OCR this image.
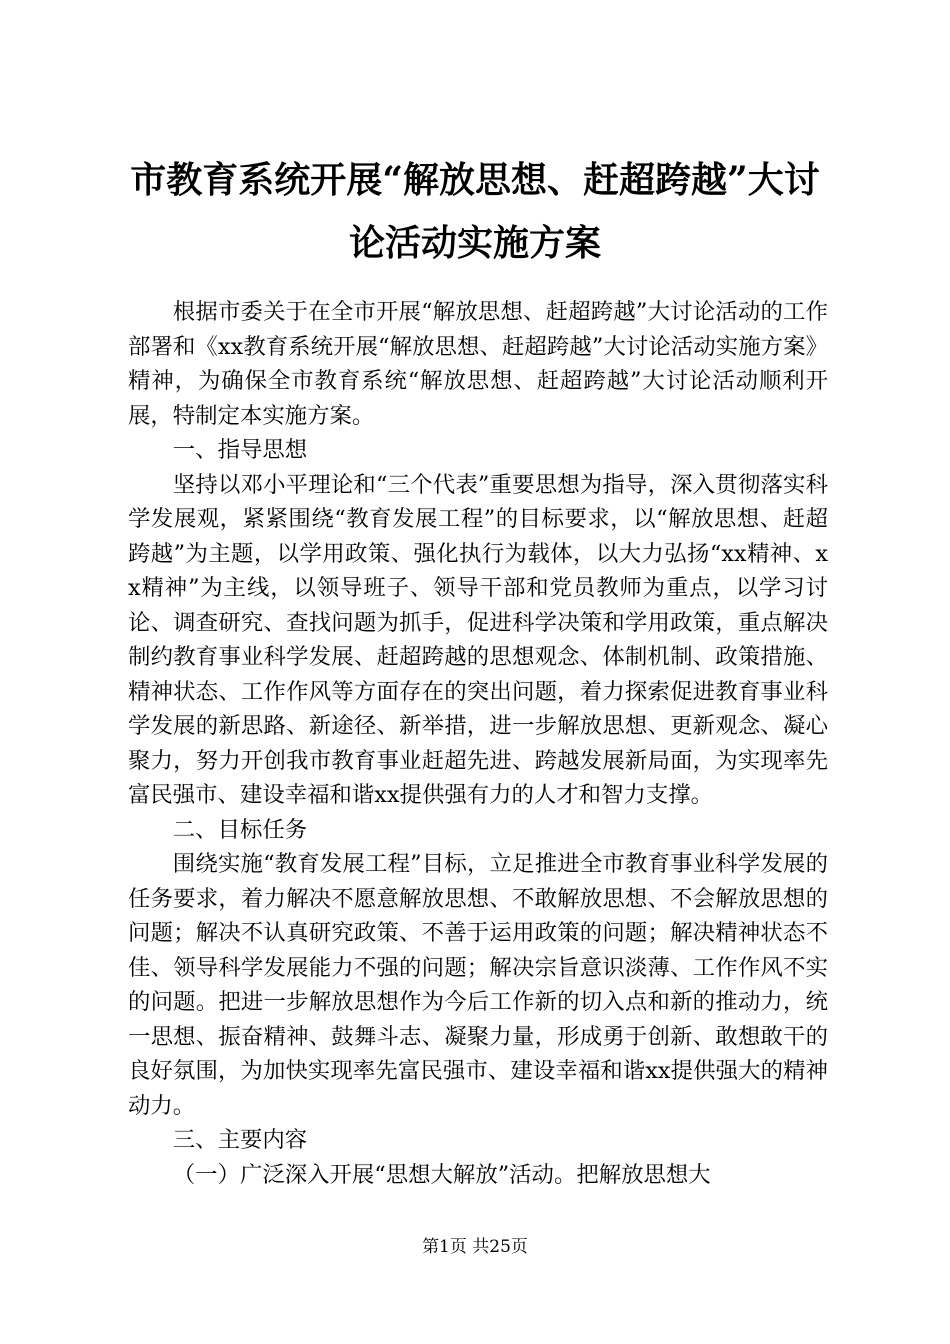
市教育系统开展“解放思想、赶超跨越”大讨
论活动实施方案

根据市委关于在全市开展“解放思想、赶超跨越”大讨论活动的工作部署和《xx教育系统开展“解放思想、赶超跨越”大讨论活动实施方案》精神，为确保全市教育系统“解放思想、赶超跨越”大讨论活动顺利开展，特制定本实施方案。

一、指导思想

坚持以邓小平理论和“三个代表”重要思想为指导，深入贯彻落实科学发展观，紧紧围绕“教育发展工程”的目标要求，以“解放思想、赶超跨越”为主题，以学用政策、强化执行为载体，以大力弘扬“xx精神、xx精神”为主线，以领导班子、领导干部和党员教师为重点，以学习讨论、调查研究、查找问题为抓手，促进科学决策和学用政策，重点解决制约教育事业科学发展、赶超跨越的思想观念、体制机制、政策措施、精神状态、工作作风等方面存在的突出问题，着力探索促进教育事业科学发展的新思路、新途径、新举措，进一步解放思想、更新观念、凝心聚力，努力开创我市教育事业赶超先进、跨越发展新局面，为实现率先富民强市、建设幸福和谐xx提供强有力的人才和智力支撑。

二、目标任务

围绕实施“教育发展工程”目标，立足推进全市教育事业科学发展的任务要求，着力解决不愿意解放思想、不敢解放思想、不会解放思想的问题；解决不认真研究政策、不善于运用政策的问题；解决精神状态不佳、领导科学发展能力不强的问题；解决宗旨意识淡薄、工作作风不实的问题。把进一步解放思想作为今后工作新的切入点和新的推动力，统一思想、振奋精神、鼓舞斗志、凝聚力量，形成勇于创新、敢想敢干的良好氛围，为加快实现率先富民强市、建设幸福和谐xx提供强大的精神动力。

三、主要内容

（一）广泛深入开展“思想大解放”活动。把解放思想大

第1页 共25页
